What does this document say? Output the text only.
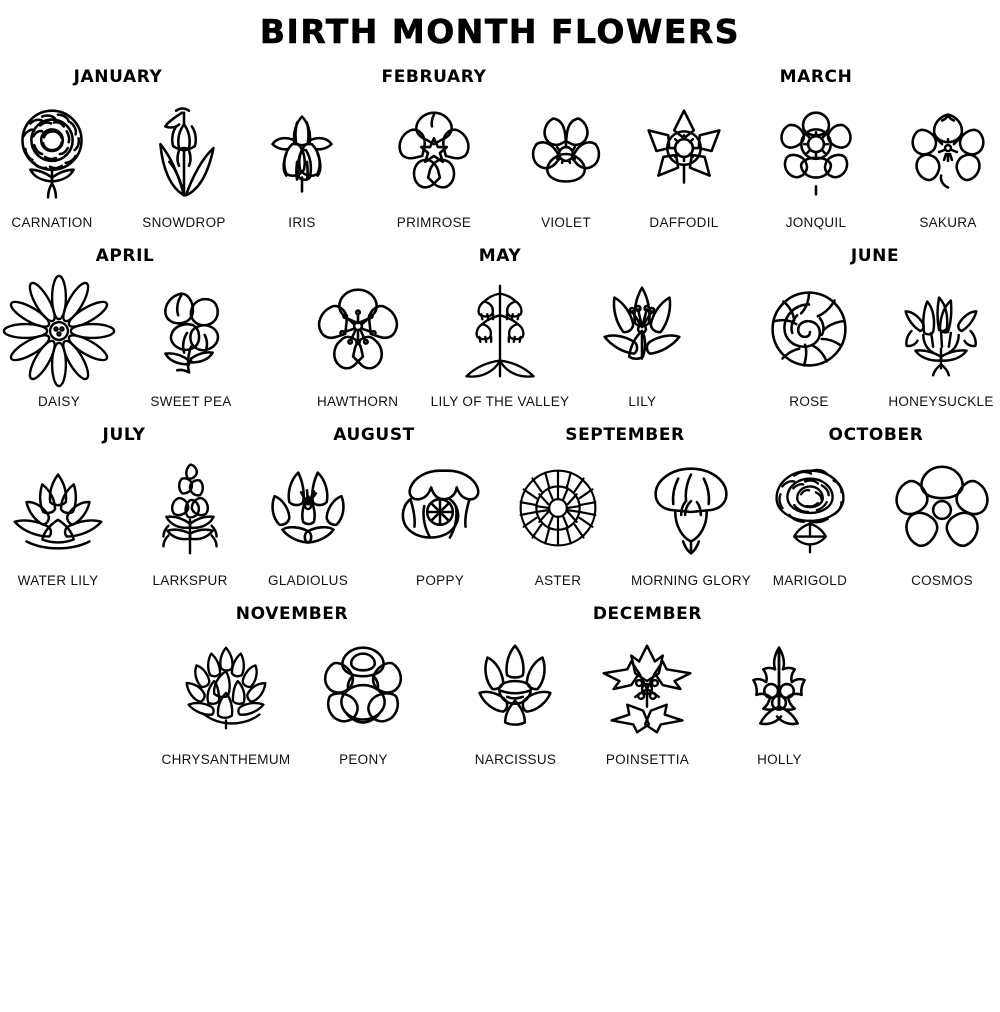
BIRTH MONTH FLOWERS
JANUARY
CARNATION	SNOWDROP
FEBRUARY
IRIS	PRIMROSE	VIOLET
MARCH
DAFFODIL	JONQUIL	SAKURA
APRIL
DAISY	SWEET PEA
MAY
HAWTHORN LILY OF THE VALLEY	LILY
JUNE
ROSE	HONEYSUCKLE
JULY
WATER LILY	LARKSPUR
AUGUST
GLADIOLUS	POPPY
SEPTEMBER
ASTER	MORNING GLORY
OCTOBER
MARIGOLD	COSMOS
NOVEMBER
CHRYSANTHEMUM	PEONY
DECEMBER
NARCISSUS	POINSETTIA	HOLLY
